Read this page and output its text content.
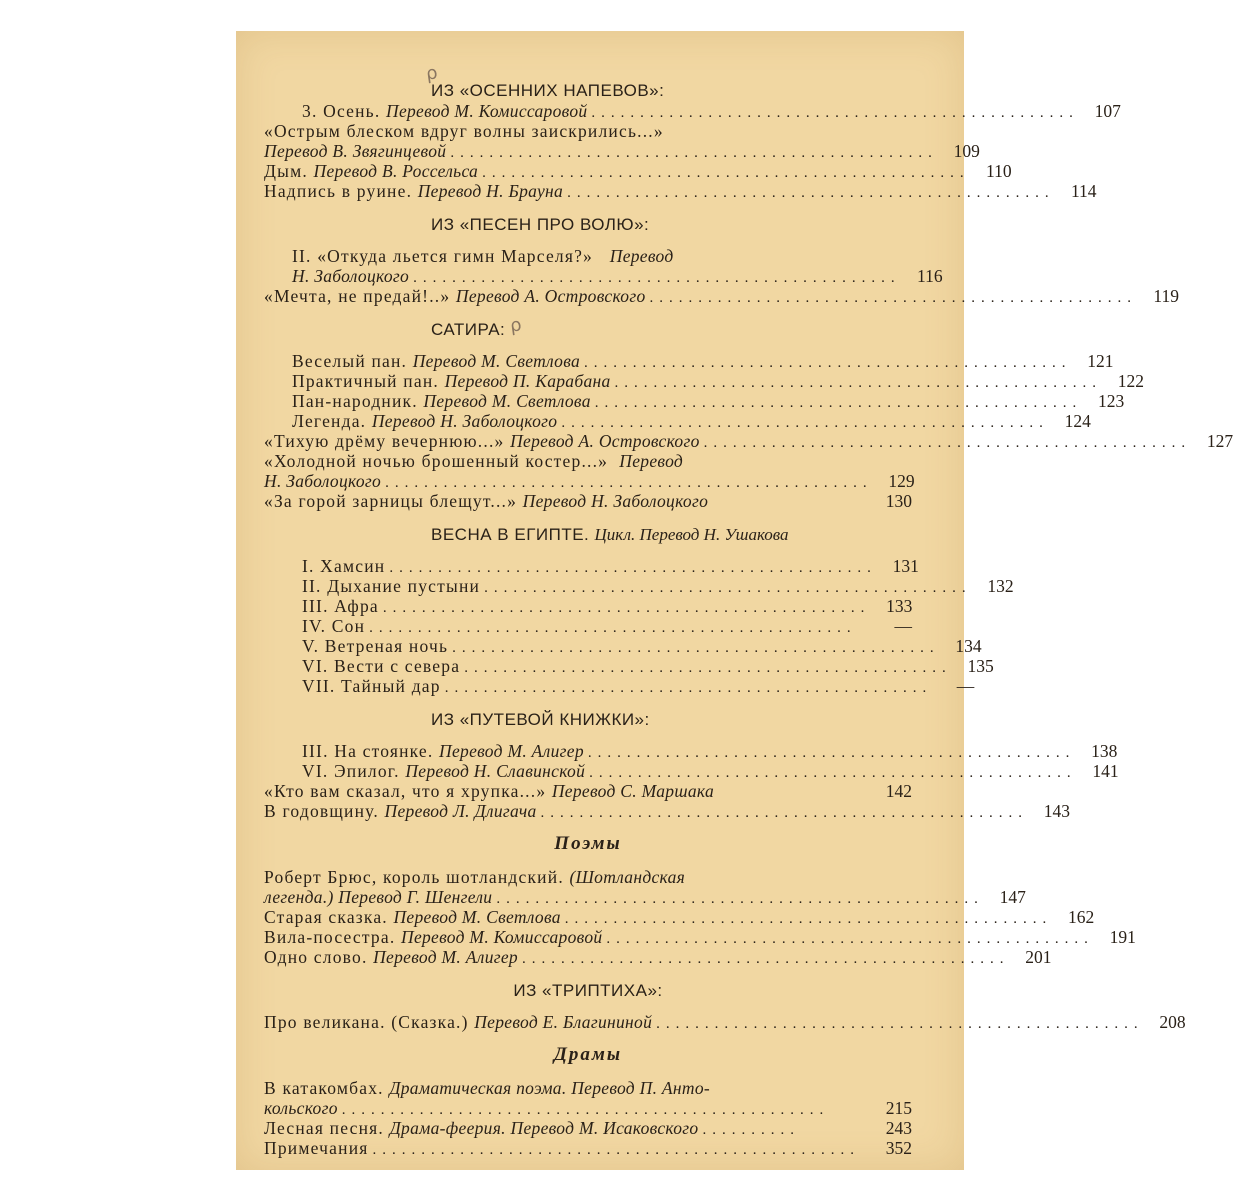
ρ
ρ
ИЗ «ОСЕННИХ НАПЕВОВ»:
3. Осень. Перевод М. Комиссаровой .................................................. 107
«Острым блеском вдруг волны заискрились...»
Перевод В. Звягинцевой .................................................. 109
Дым. Перевод В. Россельса .................................................. 110
Надпись в руине. Перевод Н. Брауна .................................................. 114
ИЗ «ПЕСЕН ПРО ВОЛЮ»:
II. «Откуда льется гимн Марселя?» Перевод
Н. Заболоцкого .................................................. 116
«Мечта, не предай!..» Перевод А. Островского .................................................. 119
САТИРА:
Веселый пан. Перевод М. Светлова .................................................. 121
Практичный пан. Перевод П. Карабана .................................................. 122
Пан-народник. Перевод М. Светлова .................................................. 123
Легенда. Перевод Н. Заболоцкого .................................................. 124
«Тихую дрёму вечернюю...» Перевод А. Островского .................................................. 127
«Холодной ночью брошенный костер...» Перевод
Н. Заболоцкого .................................................. 129
«За горой зарницы блещут...» Перевод Н. Заболоцкого	130
ВЕСНА В ЕГИПТЕ. Цикл. Перевод Н. Ушакова
I. Хамсин .................................................. 131
II. Дыхание пустыни .................................................. 132
III. Афра .................................................. 133
IV. Сон ..................................................	—
V. Ветреная ночь .................................................. 134
VI. Вести с севера .................................................. 135
VII. Тайный дар ..................................................	—
ИЗ «ПУТЕВОЙ КНИЖКИ»:
III. На стоянке. Перевод М. Алигер .................................................. 138
VI. Эпилог. Перевод Н. Славинской .................................................. 141
«Кто вам сказал, что я хрупка...» Перевод С. Маршака	142
В годовщину. Перевод Л. Длигача .................................................. 143
Поэмы
Роберт Брюс, король шотландский. (Шотландская
легенда.) Перевод Г. Шенгели .................................................. 147
Старая сказка. Перевод М. Светлова .................................................. 162
Вила-посестра. Перевод М. Комиссаровой .................................................. 191
Одно слово. Перевод М. Алигер .................................................. 201
ИЗ «ТРИПТИХА»:
Про великана. (Сказка.) Перевод Е. Благининой .................................................. 208
Драмы
В катакомбах. Драматическая поэма. Перевод П. Анто-
кольского ..................................................	215
Лесная песня. Драма-феерия. Перевод М. Исаковского ..........	243
Примечания ..................................................	352
